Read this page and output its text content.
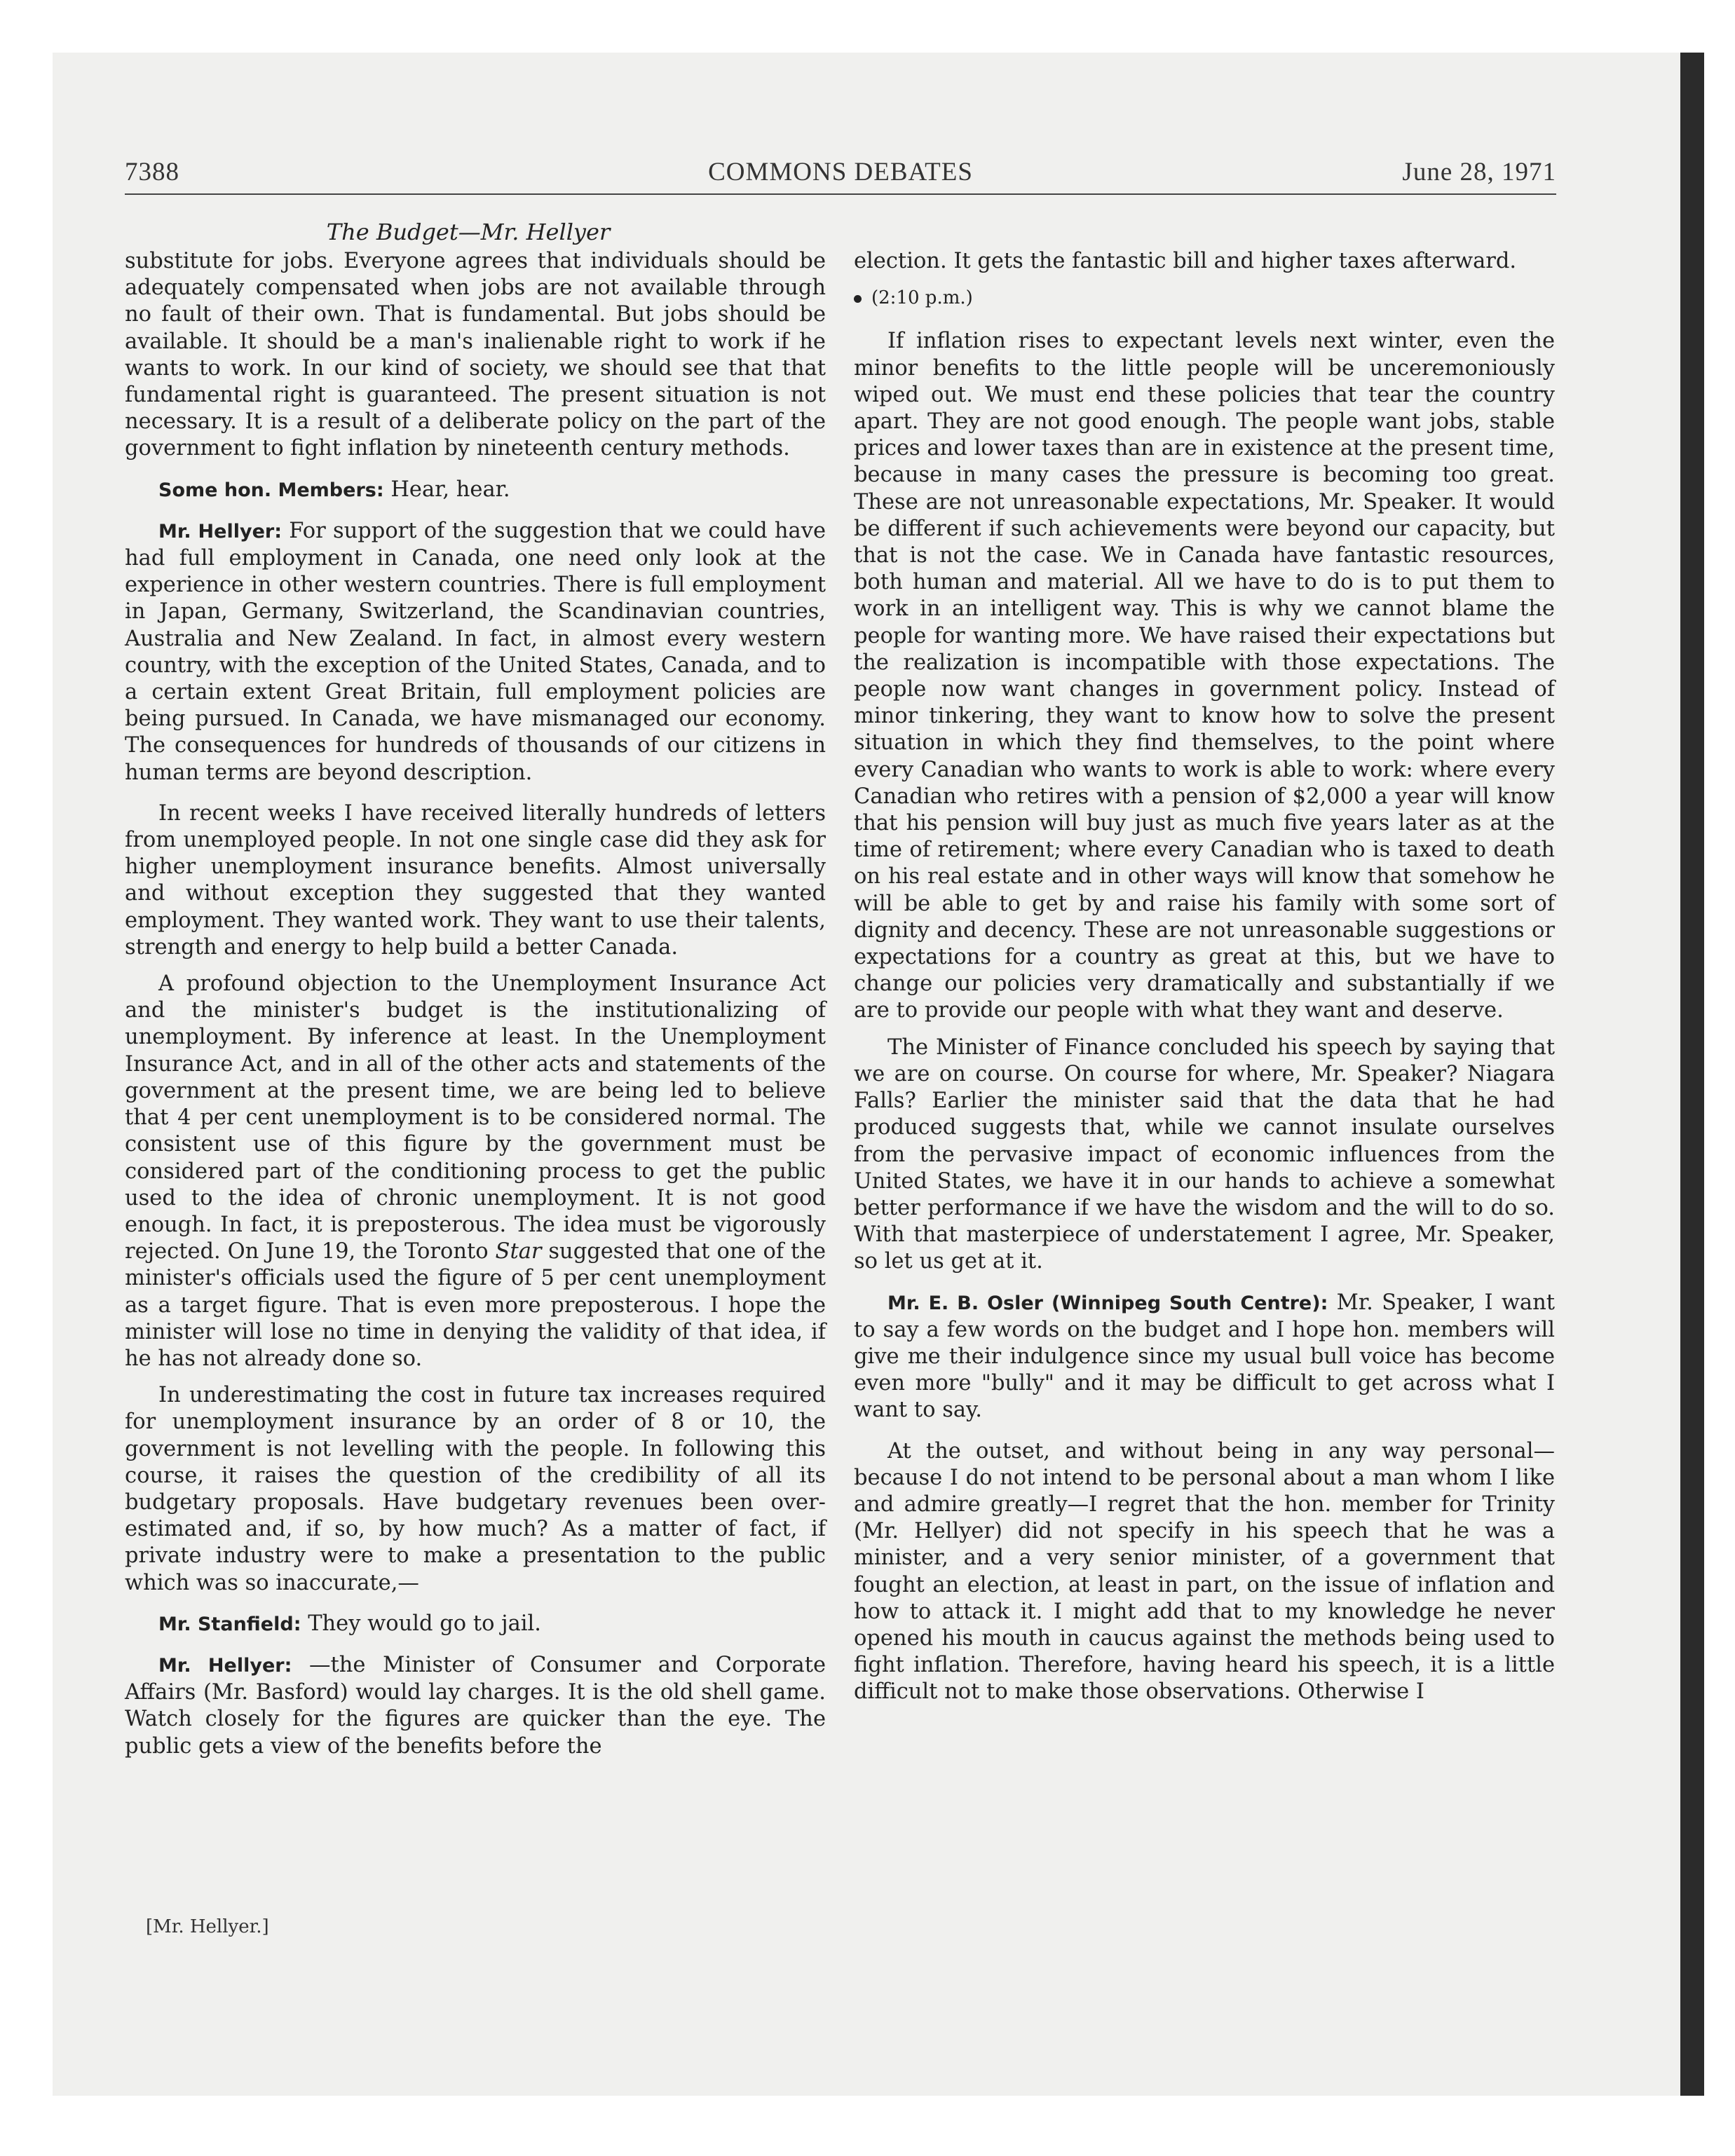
7388	COMMONS DEBATES	June 28, 1971
The Budget—Mr. Hellyer

substitute for jobs. Everyone agrees that individuals should be adequately compensated when jobs are not available through no fault of their own. That is fundamental. But jobs should be available. It should be a man's inalienable right to work if he wants to work. In our kind of society, we should see that that fundamental right is guaranteed. The present situation is not necessary. It is a result of a deliberate policy on the part of the government to fight inflation by nineteenth century methods.

Some hon. Members: Hear, hear.

Mr. Hellyer: For support of the suggestion that we could have had full employment in Canada, one need only look at the experience in other western countries. There is full employment in Japan, Germany, Switzerland, the Scandinavian countries, Australia and New Zealand. In fact, in almost every western country, with the exception of the United States, Canada, and to a certain extent Great Britain, full employment policies are being pursued. In Canada, we have mismanaged our economy. The consequences for hundreds of thousands of our citizens in human terms are beyond description.

In recent weeks I have received literally hundreds of letters from unemployed people. In not one single case did they ask for higher unemployment insurance benefits. Almost universally and without exception they suggested that they wanted employment. They wanted work. They want to use their talents, strength and energy to help build a better Canada.

A profound objection to the Unemployment Insurance Act and the minister's budget is the institutionalizing of unemployment. By inference at least. In the Unemployment Insurance Act, and in all of the other acts and statements of the government at the present time, we are being led to believe that 4 per cent unemployment is to be considered normal. The consistent use of this figure by the government must be considered part of the conditioning process to get the public used to the idea of chronic unemployment. It is not good enough. In fact, it is preposterous. The idea must be vigorously rejected. On June 19, the Toronto Star suggested that one of the minister's officials used the figure of 5 per cent unemployment as a target figure. That is even more preposterous. I hope the minister will lose no time in denying the validity of that idea, if he has not already done so.

In underestimating the cost in future tax increases required for unemployment insurance by an order of 8 or 10, the government is not levelling with the people. In following this course, it raises the question of the credibility of all its budgetary proposals. Have budgetary revenues been over-estimated and, if so, by how much? As a matter of fact, if private industry were to make a presentation to the public which was so inaccurate,—

Mr. Stanfield: They would go to jail.

Mr. Hellyer: —the Minister of Consumer and Corporate Affairs (Mr. Basford) would lay charges. It is the old shell game. Watch closely for the figures are quicker than the eye. The public gets a view of the benefits before the

election. It gets the fantastic bill and higher taxes afterward.

(2:10 p.m.)

If inflation rises to expectant levels next winter, even the minor benefits to the little people will be unceremoniously wiped out. We must end these policies that tear the country apart. They are not good enough. The people want jobs, stable prices and lower taxes than are in existence at the present time, because in many cases the pressure is becoming too great. These are not unreasonable expectations, Mr. Speaker. It would be different if such achievements were beyond our capacity, but that is not the case. We in Canada have fantastic resources, both human and material. All we have to do is to put them to work in an intelligent way. This is why we cannot blame the people for wanting more. We have raised their expectations but the realization is incompatible with those expectations. The people now want changes in government policy. Instead of minor tinkering, they want to know how to solve the present situation in which they find themselves, to the point where every Canadian who wants to work is able to work: where every Canadian who retires with a pension of $2,000 a year will know that his pension will buy just as much five years later as at the time of retirement; where every Canadian who is taxed to death on his real estate and in other ways will know that somehow he will be able to get by and raise his family with some sort of dignity and decency. These are not unreasonable suggestions or expectations for a country as great at this, but we have to change our policies very dramatically and substantially if we are to provide our people with what they want and deserve.

The Minister of Finance concluded his speech by saying that we are on course. On course for where, Mr. Speaker? Niagara Falls? Earlier the minister said that the data that he had produced suggests that, while we cannot insulate ourselves from the pervasive impact of economic influences from the United States, we have it in our hands to achieve a somewhat better performance if we have the wisdom and the will to do so. With that masterpiece of understatement I agree, Mr. Speaker, so let us get at it.

Mr. E. B. Osler (Winnipeg South Centre): Mr. Speaker, I want to say a few words on the budget and I hope hon. members will give me their indulgence since my usual bull voice has become even more "bully" and it may be difficult to get across what I want to say.

At the outset, and without being in any way personal—because I do not intend to be personal about a man whom I like and admire greatly—I regret that the hon. member for Trinity (Mr. Hellyer) did not specify in his speech that he was a minister, and a very senior minister, of a government that fought an election, at least in part, on the issue of inflation and how to attack it. I might add that to my knowledge he never opened his mouth in caucus against the methods being used to fight inflation. Therefore, having heard his speech, it is a little difficult not to make those observations. Otherwise I

[Mr. Hellyer.]
